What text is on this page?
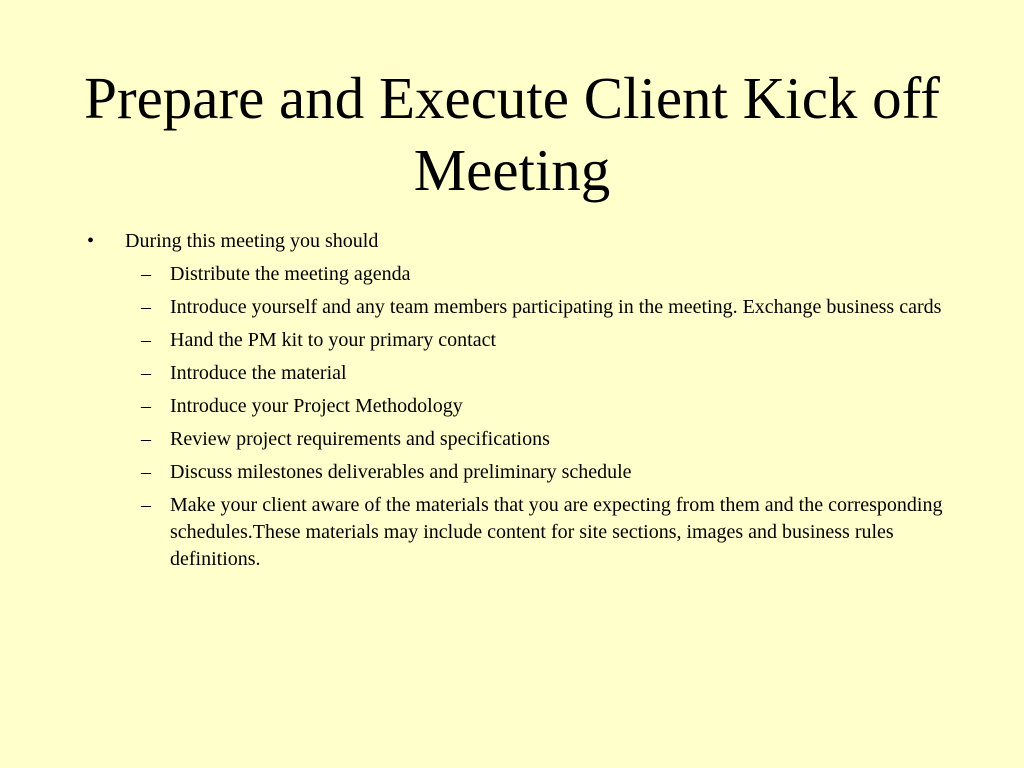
Prepare and Execute Client Kick off Meeting
• During this meeting you should
– Distribute the meeting agenda
– Introduce yourself and any team members participating in the meeting. Exchange business cards
– Hand the PM kit to your primary contact
– Introduce the material
– Introduce your Project Methodology
– Review project requirements and specifications
– Discuss milestones deliverables and preliminary schedule
– Make your client aware of the materials that you are expecting from them and the corresponding schedules.These materials may include content for site sections, images and business rules definitions.
